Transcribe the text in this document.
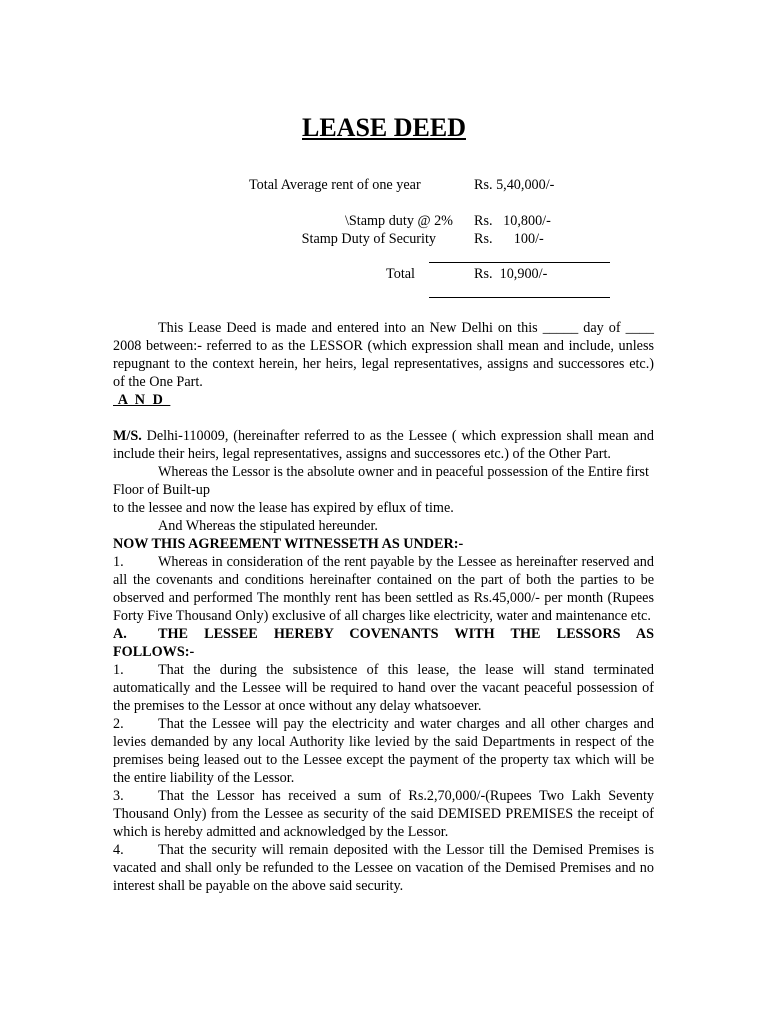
LEASE DEED
Total Average rent of one year	Rs. 5,40,000/-
\Stamp duty @ 2% Rs.   10,800/-
Stamp Duty of Security	Rs.      100/-
Total	Rs.  10,900/-

This Lease Deed is made and entered into an New Delhi on this _____ day of ____ 2008 between:- referred to as the LESSOR (which expression shall mean and include, unless repugnant to the context herein, her heirs, legal representatives, assigns and successores etc.) of the One Part.

A N D

M/S. Delhi-110009, (hereinafter referred to as the Lessee ( which expression shall mean and include their heirs, legal representatives, assigns and successores etc.) of the Other Part.

Whereas the Lessor is the absolute owner and in peaceful possession of the Entire first Floor of Built-up

to the lessee and now the lease has expired by eflux of time.

And Whereas the stipulated hereunder.

NOW THIS AGREEMENT WITNESSETH AS UNDER:-

1. Whereas in consideration of the rent payable by the Lessee as hereinafter reserved and all the covenants and conditions hereinafter contained on the part of both the parties to be observed and performed The monthly rent has been settled as Rs.45,000/- per month (Rupees Forty Five Thousand Only) exclusive of all charges like electricity, water and maintenance etc.

A. THE LESSEE HEREBY COVENANTS WITH THE LESSORS AS

FOLLOWS:-

1. That the during the subsistence of this lease, the lease will stand terminated automatically and the Lessee will be required to hand over the vacant peaceful possession of the premises to the Lessor at once without any delay whatsoever.

2. That the Lessee will pay the electricity and water charges and all other charges and levies demanded by any local Authority like levied by the said Departments in respect of the premises being leased out to the Lessee except the payment of the property tax which will be the entire liability of the Lessor.

3. That the Lessor has received a sum of Rs.2,70,000/-(Rupees Two Lakh Seventy Thousand Only) from the Lessee as security of the said DEMISED PREMISES the receipt of which is hereby admitted and acknowledged by the Lessor.

4. That the security will remain deposited with the Lessor till the Demised Premises is vacated and shall only be refunded to the Lessee on vacation of the Demised Premises and no interest shall be payable on the above said security.
